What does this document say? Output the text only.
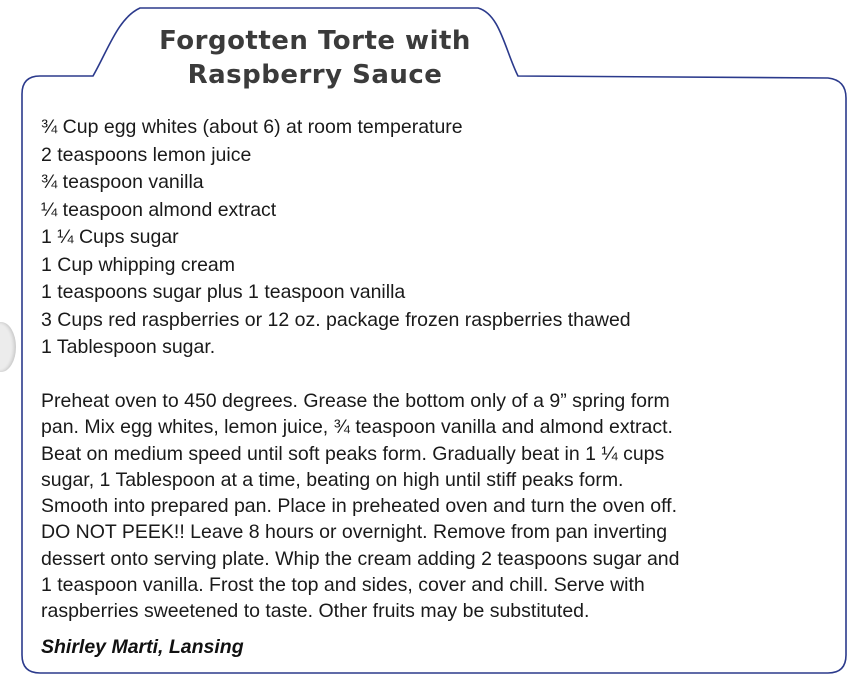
Forgotten Torte with
Raspberry Sauce
¾ Cup egg whites (about 6) at room temperature
2 teaspoons lemon juice
¾ teaspoon vanilla
¼ teaspoon almond extract
1 ¼ Cups sugar
1 Cup whipping cream
1 teaspoons sugar plus 1 teaspoon vanilla
3 Cups red raspberries or 12 oz. package frozen raspberries thawed
1 Tablespoon sugar.
Preheat oven to 450 degrees. Grease the bottom only of a 9” spring form
pan. Mix egg whites, lemon juice, ¾ teaspoon vanilla and almond extract.
Beat on medium speed until soft peaks form. Gradually beat in 1 ¼ cups
sugar, 1 Tablespoon at a time, beating on high until stiff peaks form.
Smooth into prepared pan. Place in preheated oven and turn the oven off.
DO NOT PEEK!! Leave 8 hours or overnight. Remove from pan inverting
dessert onto serving plate. Whip the cream adding 2 teaspoons sugar and
1 teaspoon vanilla. Frost the top and sides, cover and chill. Serve with
raspberries sweetened to taste. Other fruits may be substituted.
Shirley Marti, Lansing
